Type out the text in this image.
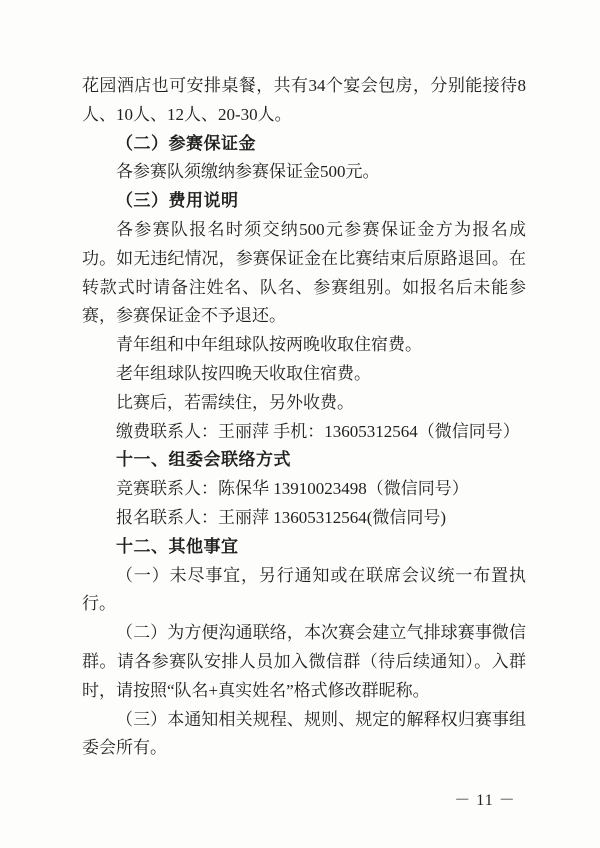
花园酒店也可安排桌餐，共有34个宴会包房，分别能接待8人、10人、12人、20-30人。

（二）参赛保证金

各参赛队须缴纳参赛保证金500元。

（三）费用说明

各参赛队报名时须交纳500元参赛保证金方为报名成功。如无违纪情况，参赛保证金在比赛结束后原路退回。在转款式时请备注姓名、队名、参赛组别。如报名后未能参赛，参赛保证金不予退还。

青年组和中年组球队按两晚收取住宿费。

老年组球队按四晚天收取住宿费。

比赛后，若需续住，另外收费。

缴费联系人：王丽萍 手机：13605312564（微信同号）

十一、组委会联络方式

竞赛联系人：陈保华 13910023498（微信同号）

报名联系人：王丽萍 13605312564(微信同号)

十二、其他事宜

（一）未尽事宜，另行通知或在联席会议统一布置执行。

（二）为方便沟通联络，本次赛会建立气排球赛事微信群。请各参赛队安排人员加入微信群（待后续通知）。入群时，请按照“队名+真实姓名”格式修改群昵称。

（三）本通知相关规程、规则、规定的解释权归赛事组委会所有。

－ 11 －
